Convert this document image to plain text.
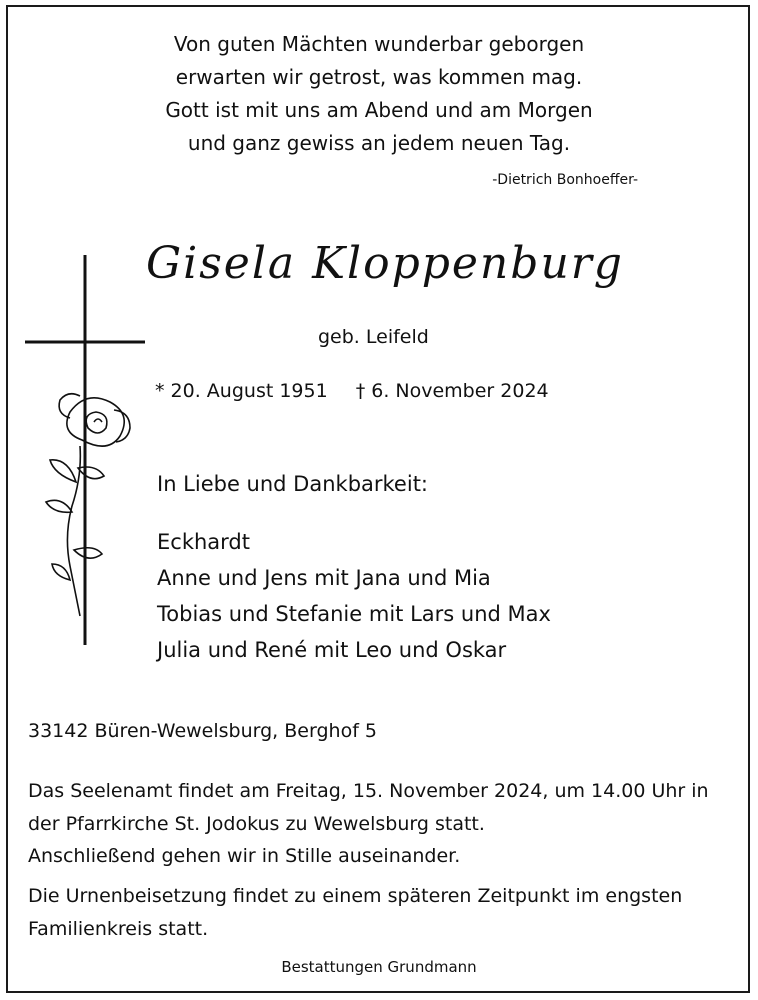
Von guten Mächten wunderbar geborgen
erwarten wir getrost, was kommen mag.
Gott ist mit uns am Abend und am Morgen
und ganz gewiss an jedem neuen Tag.
-Dietrich Bonhoeffer-
Gisela Kloppenburg
geb. Leifeld
* 20. August 1951 † 6. November 2024
In Liebe und Dankbarkeit:
Eckhardt
Anne und Jens mit Jana und Mia
Tobias und Stefanie mit Lars und Max
Julia und René mit Leo und Oskar
33142 Büren-Wewelsburg, Berghof 5
Das Seelenamt findet am Freitag, 15. November 2024, um 14.00 Uhr in der Pfarrkirche St. Jodokus zu Wewelsburg statt.
Anschließend gehen wir in Stille auseinander.
Die Urnenbeisetzung findet zu einem späteren Zeitpunkt im engsten Familienkreis statt.
Bestattungen Grundmann
